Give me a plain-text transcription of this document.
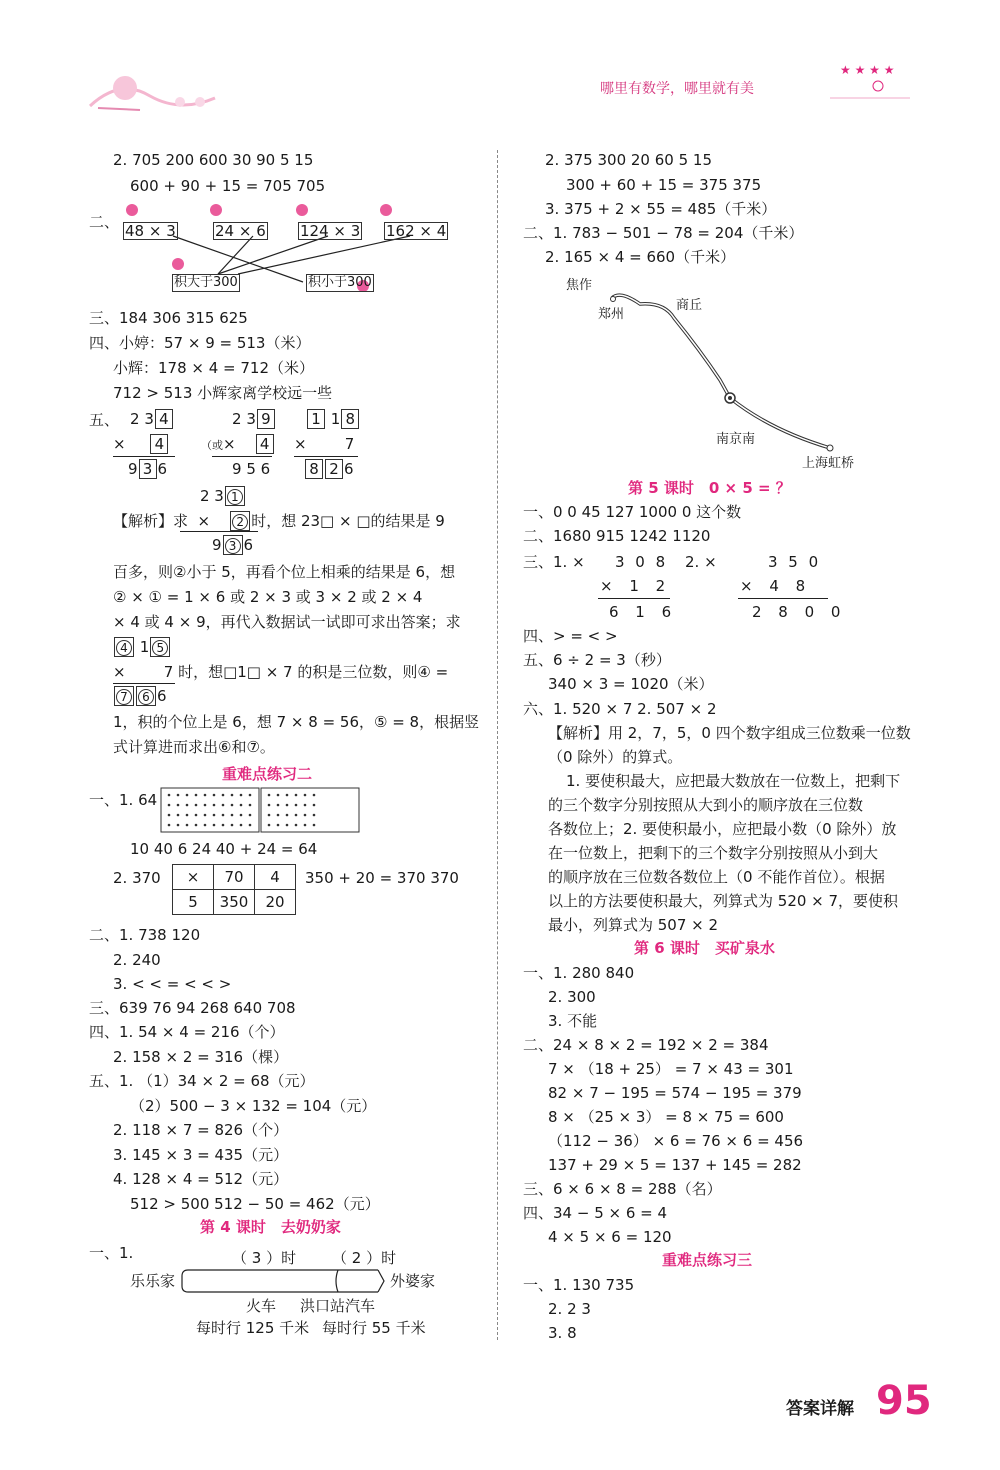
哪里有数学，哪里就有美
★ ★ ★ ★
2. 705 200 600 30 90 5 15
600 + 90 + 15 = 705 705
二、 48 × 3	24 × 6 124 × 3 162 × 4
积大于300	积小于300
三、184 306 315 625
四、小婷：57 × 9 = 513（米）
小辉：178 × 4 = 712（米）
712 > 513 小辉家离学校远一些
五、 2 3 4
× 4
9 3 6
2 3 9
（或× 4
9 5 6
1 1 8
×	7
8 2 6
2 3 1
【解析】求  ×    2 时，想 23□ × □的结果是 9
9 3 6
百多，则②小于 5，再看个位上相乘的结果是 6，想
② × ① = 1 × 6 或 2 × 3 或 3 × 2 或 2 × 4
× 4 或 4 × 9，再代入数据试一试即可求出答案；求
4 1 5
×	7 时，想□1□ × 7 的积是三位数，则④ =
7 6 6
1，积的个位上是 6，想 7 × 8 = 56，⑤ = 8，根据竖
式计算进而求出⑥和⑦。
重难点练习二
一、1. 64
10 40 6 24 40 + 24 = 64
2. 370 ×	70	4
5	350	20
350 + 20 = 370 370
二、1. 738 120
2. 240
3. < < = < < >
三、639 76 94 268 640 708
四、1. 54 × 4 = 216（个）
2. 158 × 2 = 316（棵）
五、1. （1）34 × 2 = 68（元）
（2）500 − 3 × 132 = 104（元）
2. 118 × 7 = 826（个）
3. 145 × 3 = 435（元）
4. 128 × 4 = 512（元）
512 > 500 512 − 50 = 462（元）
第 4 课时　去奶奶家
一、1.	（ 3 ）时 （ 2 ）时
乐乐家	外婆家
火车 洪口站汽车
每时行 125 千米 每时行 55 千米
2. 375 300 20 60 5 15
300 + 60 + 15 = 375 375
3. 375 + 2 × 55 = 485（千米）
二、1. 783 − 501 − 78 = 204（千米）
2. 165 × 4 = 660（千米）
焦作
郑州
商丘
南京南
上海虹桥
第 5 课时　0 × 5 = ？
一、0 0 45 127 1000 0 这个数
二、1680 915 1242 1120
三、1. × 3 0 8
× 1 2
6 1 6
2. ×	3 5 0
× 4 8
2 8 0 0
四、> = < >
五、6 ÷ 2 = 3（秒）
340 × 3 = 1020（米）
六、1. 520 × 7 2. 507 × 2
【解析】用 2，7，5，0 四个数字组成三位数乘一位数
（0 除外）的算式。
1. 要使积最大，应把最大数放在一位数上，把剩下
的三个数字分别按照从大到小的顺序放在三位数
各数位上；2. 要使积最小，应把最小数（0 除外）放
在一位数上，把剩下的三个数字分别按照从小到大
的顺序放在三位数各数位上（0 不能作首位）。根据
以上的方法要使积最大，列算式为 520 × 7，要使积
最小，列算式为 507 × 2
第 6 课时　买矿泉水
一、1. 280 840
2. 300
3. 不能
二、24 × 8 × 2 = 192 × 2 = 384
7 × （18 + 25） = 7 × 43 = 301
82 × 7 − 195 = 574 − 195 = 379
8 × （25 × 3） = 8 × 75 = 600
（112 − 36） × 6 = 76 × 6 = 456
137 + 29 × 5 = 137 + 145 = 282
三、6 × 6 × 8 = 288（名）
四、34 − 5 × 6 = 4
4 × 5 × 6 = 120
重难点练习三
一、1. 130 735
2. 2 3
3. 8
答案详解 95
